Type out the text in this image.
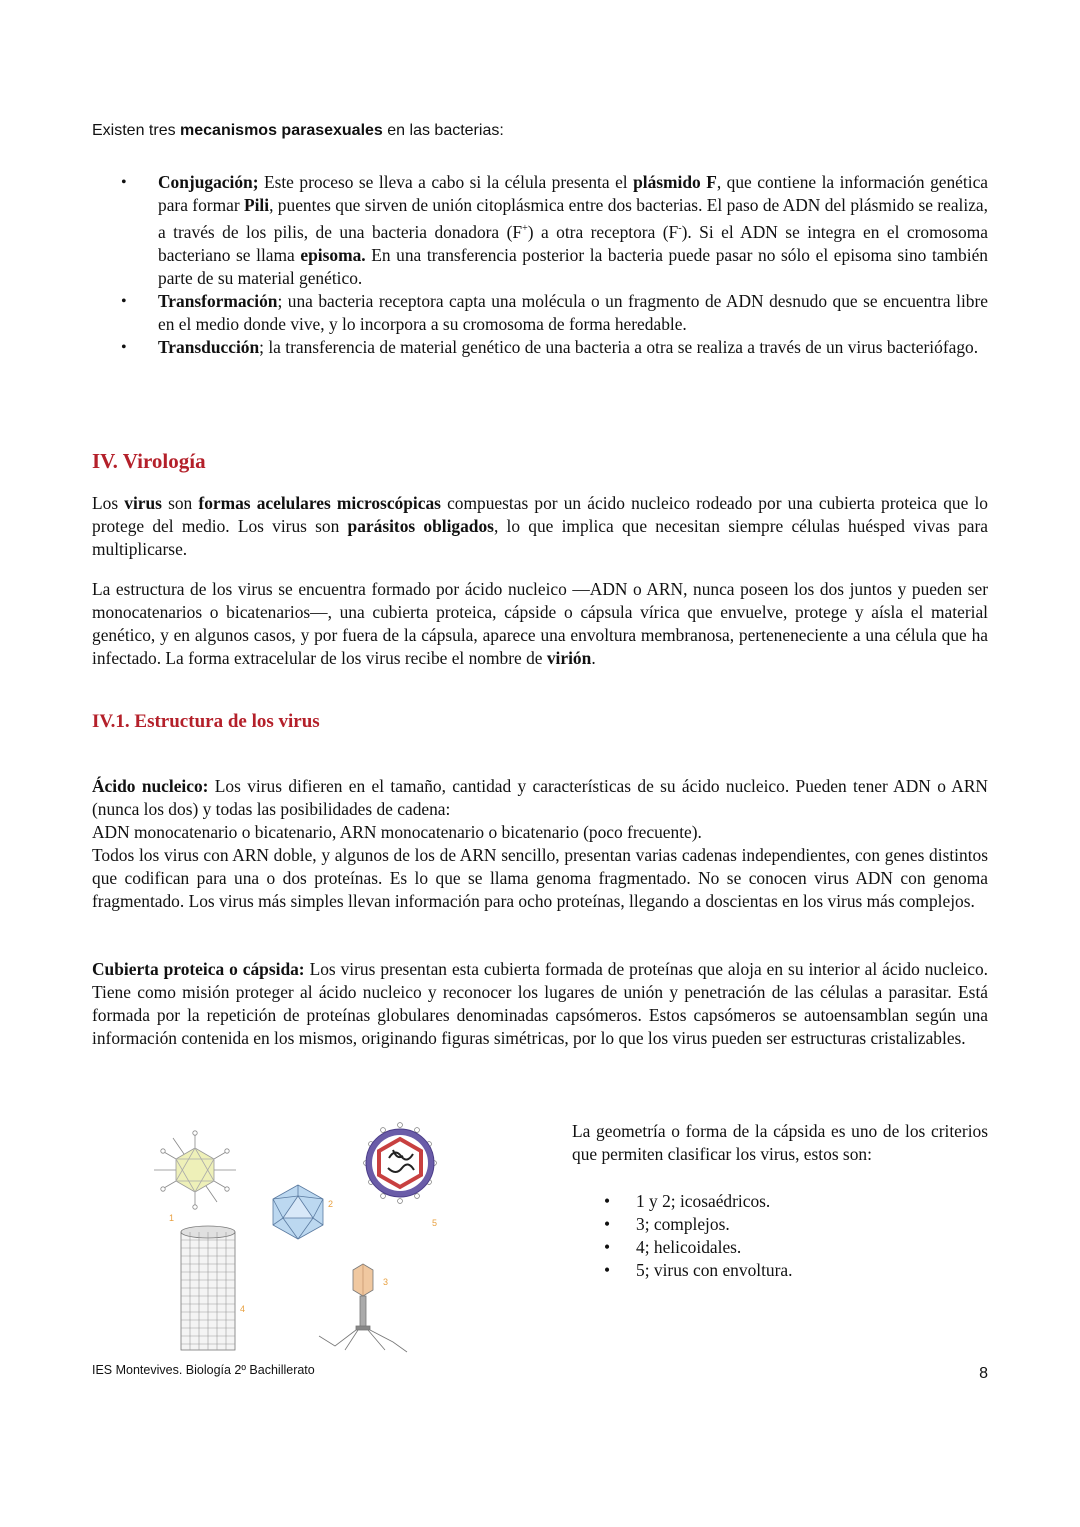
Existen tres mecanismos parasexuales en las bacterias:
• Conjugación; Este proceso se lleva a cabo si la célula presenta el plásmido F, que contiene la información genética para formar Pili, puentes que sirven de unión citoplásmica entre dos bacterias. El paso de ADN del plásmido se realiza, a través de los pilis, de una bacteria donadora (F+) a otra receptora (F-). Si el ADN se integra en el cromosoma bacteriano se llama episoma. En una transferencia posterior la bacteria puede pasar no sólo el episoma sino también parte de su material genético.
• Transformación; una bacteria receptora capta una molécula o un fragmento de ADN desnudo que se encuentra libre en el medio donde vive, y lo incorpora a su cromosoma de forma heredable.
• Transducción; la transferencia de material genético de una bacteria a otra se realiza a través de un virus bacteriófago.
IV. Virología

Los virus son formas acelulares microscópicas compuestas por un ácido nucleico rodeado por una cubierta proteica que lo protege del medio. Los virus son parásitos obligados, lo que implica que necesitan siempre células huésped vivas para multiplicarse.

La estructura de los virus se encuentra formado por ácido nucleico —ADN o ARN, nunca poseen los dos juntos y pueden ser monocatenarios o bicatenarios—, una cubierta proteica, cápside o cápsula vírica que envuelve, protege y aísla el material genético, y en algunos casos, y por fuera de la cápsula, aparece una envoltura membranosa, perteneneciente a una célula que ha infectado. La forma extracelular de los virus recibe el nombre de virión.

IV.1. Estructura de los virus

Ácido nucleico: Los virus difieren en el tamaño, cantidad y características de su ácido nucleico. Pueden tener ADN o ARN (nunca los dos) y todas las posibilidades de cadena:
ADN monocatenario o bicatenario, ARN monocatenario o bicatenario (poco frecuente).
Todos los virus con ARN doble, y algunos de los de ARN sencillo, presentan varias cadenas independientes, con genes distintos que codifican para una o dos proteínas. Es lo que se llama genoma fragmentado. No se conocen virus ADN con genoma fragmentado. Los virus más simples llevan información para ocho proteínas, llegando a doscientas en los virus más complejos.

Cubierta proteica o cápsida: Los virus presentan esta cubierta formada de proteínas que aloja en su interior al ácido nucleico. Tiene como misión proteger al ácido nucleico y reconocer los lugares de unión y penetración de las células a parasitar. Está formada por la repetición de proteínas globulares denominadas capsómeros. Estos capsómeros se autoensamblan según una información contenida en los mismos, originando figuras simétricas, por lo que los virus pueden ser estructuras cristalizables.

1
2
5
4
3

La geometría o forma de la cápsida es uno de los criterios que permiten clasificar los virus, estos son:

• 1 y 2; icosaédricos.
• 3; complejos.
• 4; helicoidales.
• 5; virus con envoltura.
IES Montevives. Biología 2º Bachillerato	8
